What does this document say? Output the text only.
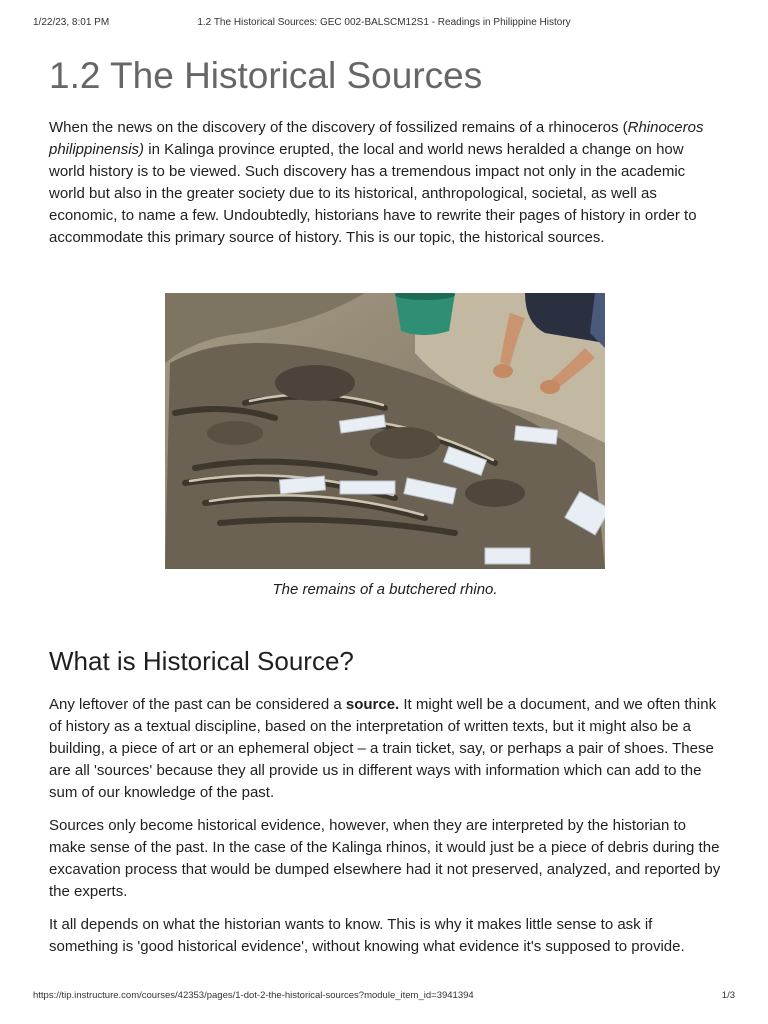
1/22/23, 8:01 PM	1.2 The Historical Sources: GEC 002-BALSCM12S1 - Readings in Philippine History
1.2 The Historical Sources

When the news on the discovery of the discovery of fossilized remains of a rhinoceros (Rhinoceros philippinensis) in Kalinga province erupted, the local and world news heralded a change on how world history is to be viewed. Such discovery has a tremendous impact not only in the academic world but also in the greater society due to its historical, anthropological, societal, as well as economic, to name a few. Undoubtedly, historians have to rewrite their pages of history in order to accommodate this primary source of history. This is our topic, the historical sources.

The remains of a butchered rhino.
What is Historical Source?

Any leftover of the past can be considered a source. It might well be a document, and we often think of history as a textual discipline, based on the interpretation of written texts, but it might also be a building, a piece of art or an ephemeral object – a train ticket, say, or perhaps a pair of shoes. These are all 'sources' because they all provide us in different ways with information which can add to the sum of our knowledge of the past.

Sources only become historical evidence, however, when they are interpreted by the historian to make sense of the past. In the case of the Kalinga rhinos, it would just be a piece of debris during the excavation process that would be dumped elsewhere had it not preserved, analyzed, and reported by the experts.

It all depends on what the historian wants to know. This is why it makes little sense to ask if something is 'good historical evidence', without knowing what evidence it's supposed to provide.

https://tip.instructure.com/courses/42353/pages/1-dot-2-the-historical-sources?module_item_id=3941394	1/3
